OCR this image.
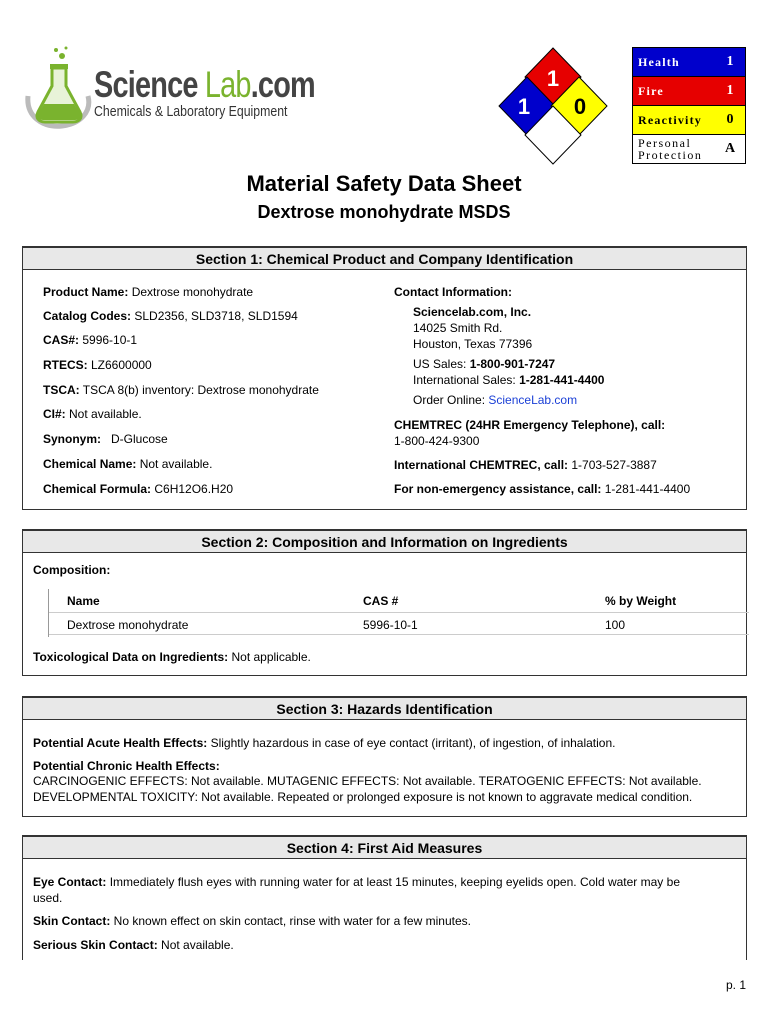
Science Lab.com
Chemicals & Laboratory Equipment
1
1 0
Health	1
Fire	1
Reactivity	0
Personal
Protection	A
Material Safety Data Sheet
Dextrose monohydrate MSDS
Section 1: Chemical Product and Company Identification
Product Name: Dextrose monohydrate
Catalog Codes: SLD2356, SLD3718, SLD1594
CAS#: 5996-10-1
RTECS: LZ6600000
TSCA: TSCA 8(b) inventory: Dextrose monohydrate
CI#: Not available.
Synonym:   D-Glucose
Chemical Name: Not available.
Chemical Formula: C6H12O6.H20
Contact Information:
Sciencelab.com, Inc.
14025 Smith Rd.
Houston, Texas 77396
US Sales: 1-800-901-7247
International Sales: 1-281-441-4400
Order Online: ScienceLab.com
CHEMTREC (24HR Emergency Telephone), call:
1-800-424-9300
International CHEMTREC, call: 1-703-527-3887
For non-emergency assistance, call: 1-281-441-4400
Section 2: Composition and Information on Ingredients
Composition:
Name	CAS #	% by Weight
Dextrose monohydrate	5996-10-1	100
Toxicological Data on Ingredients: Not applicable.
Section 3: Hazards Identification
Potential Acute Health Effects: Slightly hazardous in case of eye contact (irritant), of ingestion, of inhalation.
Potential Chronic Health Effects:
CARCINOGENIC EFFECTS: Not available. MUTAGENIC EFFECTS: Not available. TERATOGENIC EFFECTS: Not available.
DEVELOPMENTAL TOXICITY: Not available. Repeated or prolonged exposure is not known to aggravate medical condition.
Section 4: First Aid Measures
Eye Contact: Immediately flush eyes with running water for at least 15 minutes, keeping eyelids open. Cold water may be
used.
Skin Contact: No known effect on skin contact, rinse with water for a few minutes.
Serious Skin Contact: Not available.
p. 1
